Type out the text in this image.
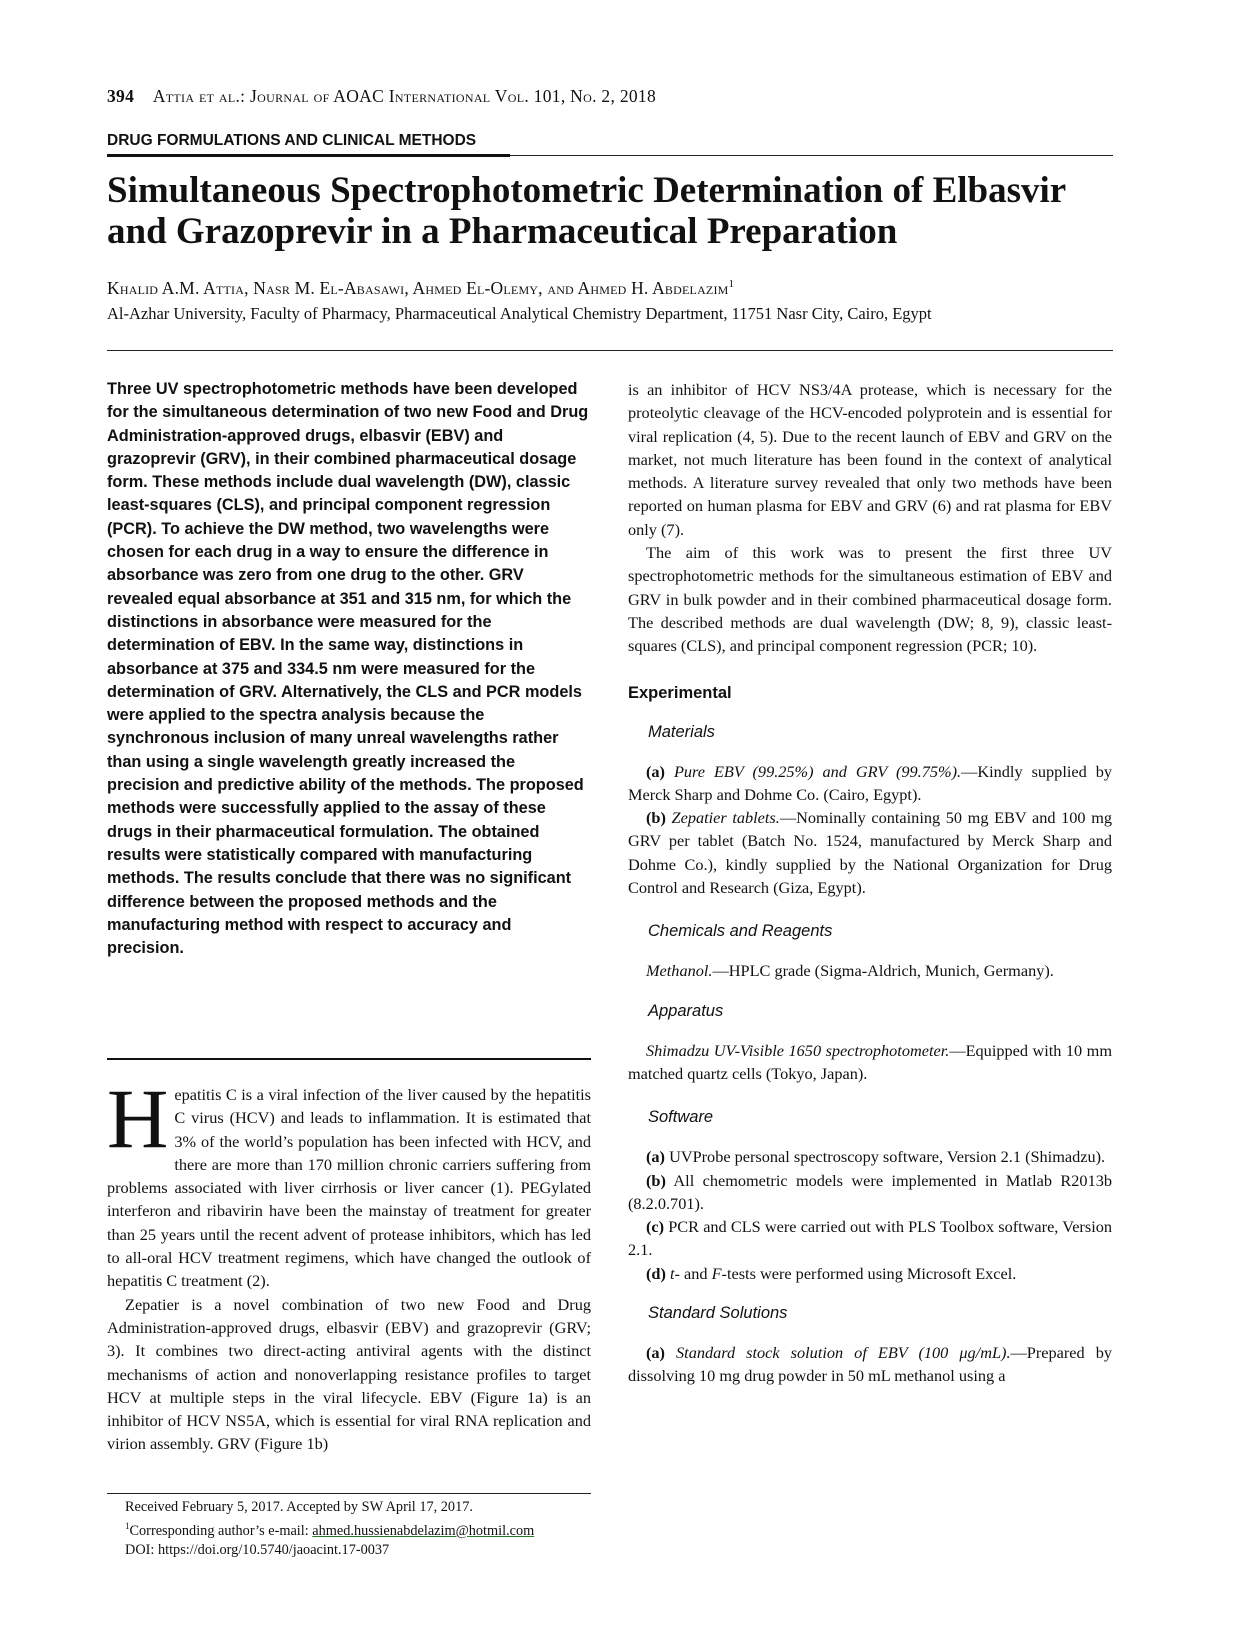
394 Attia et al.: Journal of AOAC International Vol. 101, No. 2, 2018
DRUG FORMULATIONS AND CLINICAL METHODS
Simultaneous Spectrophotometric Determination of Elbasvir
and Grazoprevir in a Pharmaceutical Preparation
Khalid A.M. Attia, Nasr M. El-Abasawi, Ahmed El-Olemy, and Ahmed H. Abdelazim$^1$
Al-Azhar University, Faculty of Pharmacy, Pharmaceutical Analytical Chemistry Department, 11751 Nasr City, Cairo, Egypt
Three UV spectrophotometric methods have been developed for the simultaneous determination of two new Food and Drug Administration-approved drugs, elbasvir (EBV) and grazoprevir (GRV), in their combined pharmaceutical dosage form. These methods include dual wavelength (DW), classic least-squares (CLS), and principal component regression (PCR). To achieve the DW method, two wavelengths were chosen for each drug in a way to ensure the difference in absorbance was zero from one drug to the other. GRV revealed equal absorbance at 351 and 315 nm, for which the distinctions in absorbance were measured for the determination of EBV. In the same way, distinctions in absorbance at 375 and 334.5 nm were measured for the determination of GRV. Alternatively, the CLS and PCR models were applied to the spectra analysis because the synchronous inclusion of many unreal wavelengths rather than using a single wavelength greatly increased the precision and predictive ability of the methods. The proposed methods were successfully applied to the assay of these drugs in their pharmaceutical formulation. The obtained results were statistically compared with manufacturing methods. The results conclude that there was no significant difference between the proposed methods and the manufacturing method with respect to accuracy and precision.

Hepatitis C is a viral infection of the liver caused by the hepatitis C virus (HCV) and leads to inflammation. It is estimated that 3% of the world’s population has been infected with HCV, and there are more than 170 million chronic carriers suffering from problems associated with liver cirrhosis or liver cancer (1). PEGylated interferon and ribavirin have been the mainstay of treatment for greater than 25 years until the recent advent of protease inhibitors, which has led to all-oral HCV treatment regimens, which have changed the outlook of hepatitis C treatment (2).

Zepatier is a novel combination of two new Food and Drug Administration-approved drugs, elbasvir (EBV) and grazoprevir (GRV; 3). It combines two direct-acting antiviral agents with the distinct mechanisms of action and nonoverlapping resistance profiles to target HCV at multiple steps in the viral lifecycle. EBV (Figure 1a) is an inhibitor of HCV NS5A, which is essential for viral RNA replication and virion assembly. GRV (Figure 1b)

Received February 5, 2017. Accepted by SW April 17, 2017.
$^1$Corresponding author’s e-mail: ahmed.hussienabdelazim@hotmil.com
DOI: https://doi.org/10.5740/jaoacint.17-0037

is an inhibitor of HCV NS3/4A protease, which is necessary for the proteolytic cleavage of the HCV-encoded polyprotein and is essential for viral replication (4, 5). Due to the recent launch of EBV and GRV on the market, not much literature has been found in the context of analytical methods. A literature survey revealed that only two methods have been reported on human plasma for EBV and GRV (6) and rat plasma for EBV only (7).

The aim of this work was to present the first three UV spectrophotometric methods for the simultaneous estimation of EBV and GRV in bulk powder and in their combined pharmaceutical dosage form. The described methods are dual wavelength (DW; 8, 9), classic least-squares (CLS), and principal component regression (PCR; 10).

Experimental
Materials

(a) Pure EBV (99.25%) and GRV (99.75%).—Kindly supplied by Merck Sharp and Dohme Co. (Cairo, Egypt).

(b) Zepatier tablets.—Nominally containing 50 mg EBV and 100 mg GRV per tablet (Batch No. 1524, manufactured by Merck Sharp and Dohme Co.), kindly supplied by the National Organization for Drug Control and Research (Giza, Egypt).

Chemicals and Reagents

Methanol.—HPLC grade (Sigma-Aldrich, Munich, Germany).

Apparatus

Shimadzu UV-Visible 1650 spectrophotometer.—Equipped with 10 mm matched quartz cells (Tokyo, Japan).

Software

(a) UVProbe personal spectroscopy software, Version 2.1 (Shimadzu).

(b) All chemometric models were implemented in Matlab R2013b (8.2.0.701).

(c) PCR and CLS were carried out with PLS Toolbox software, Version 2.1.

(d) t- and F-tests were performed using Microsoft Excel.

Standard Solutions

(a) Standard stock solution of EBV (100 μg/mL).—Prepared by dissolving 10 mg drug powder in 50 mL methanol using a
